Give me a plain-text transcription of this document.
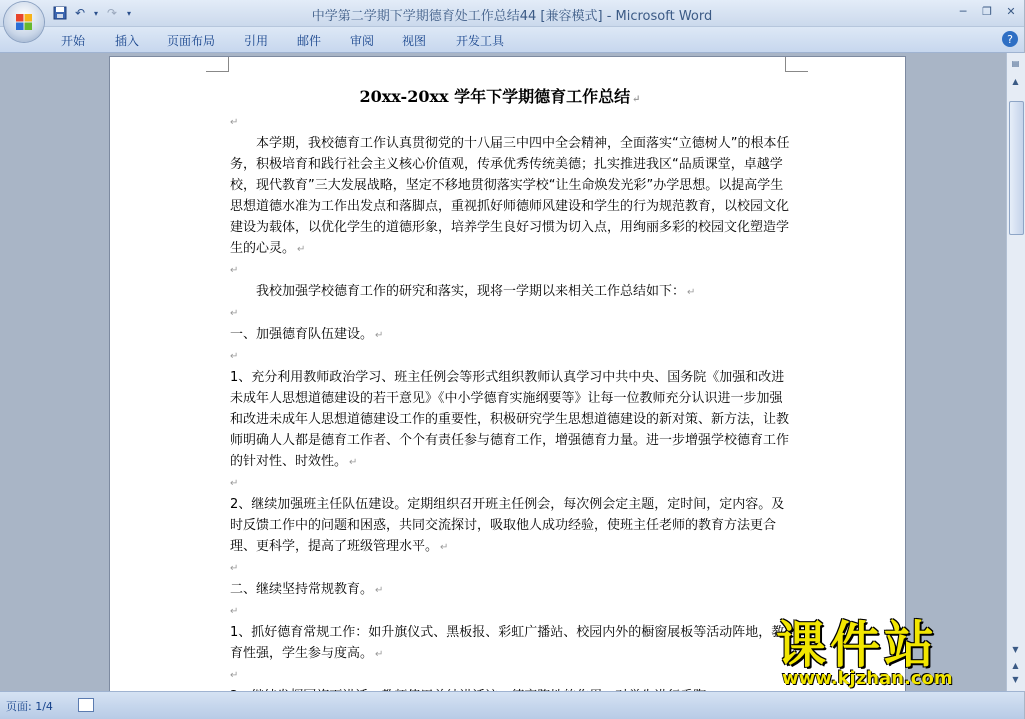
↶	▾ ↷	▾	中学第二学期下学期德育处工作总结44 [兼容模式] - Microsoft Word	─	❐	✕
开始 插入 页面布局 引用 邮件 审阅 视图 开发工具	?
20xx-20xx 学年下学期德育工作总结 ↵
↵
本学期，我校德育工作认真贯彻党的十八届三中四中全会精神，全面落实“立德树人”的根本任务，积极培育和践行社会主义核心价值观，传承优秀传统美德；扎实推进我区“品质课堂，卓越学校，现代教育”三大发展战略，坚定不移地贯彻落实学校“让生命焕发光彩”办学思想。以提高学生思想道德水准为工作出发点和落脚点，重视抓好师德师风建设和学生的行为规范教育，以校园文化建设为载体，以优化学生的道德形象，培养学生良好习惯为切入点，用绚丽多彩的校园文化塑造学生的心灵。 ↵
↵
我校加强学校德育工作的研究和落实，现将一学期以来相关工作总结如下： ↵
↵
一、加强德育队伍建设。 ↵
↵
1、充分利用教师政治学习、班主任例会等形式组织教师认真学习中共中央、国务院《加强和改进未成年人思想道德建设的若干意见》《中小学德育实施纲要等》让每一位教师充分认识进一步加强和改进未成年人思想道德建设工作的重要性，积极研究学生思想道德建设的新对策、新方法，让教师明确人人都是德育工作者、个个有责任参与德育工作，增强德育力量。进一步增强学校德育工作的针对性、时效性。 ↵
↵
2、继续加强班主任队伍建设。定期组织召开班主任例会，每次例会定主题，定时间，定内容。及时反馈工作中的问题和困惑，共同交流探讨，吸取他人成功经验，使班主任老师的教育方法更合理、更科学，提高了班级管理水平。 ↵
↵
二、继续坚持常规教育。 ↵
↵
1、抓好德育常规工作：如升旗仪式、黑板报、彩虹广播站、校园内外的橱窗展板等活动阵地，教育性强，学生参与度高。 ↵
↵
▤
▲
▼
▲
▼
页面: 1/4
课件站
www.kjzhan.com
